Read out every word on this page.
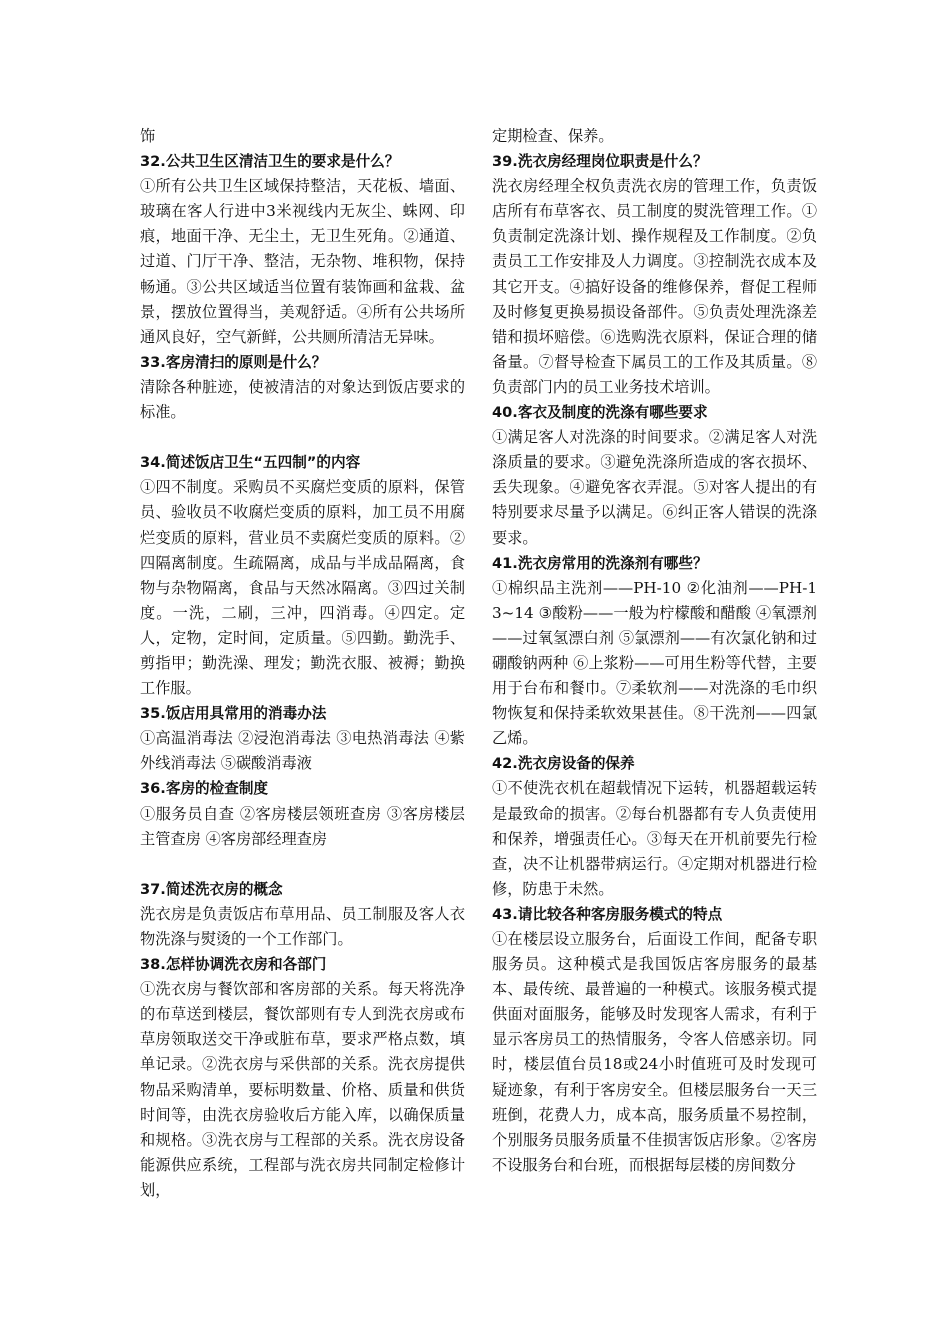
饰

32.公共卫生区清洁卫生的要求是什么？

①所有公共卫生区域保持整洁，天花板、墙面、玻璃在客人行进中3米视线内无灰尘、蛛网、印痕，地面干净、无尘土，无卫生死角。②通道、过道、门厅干净、整洁，无杂物、堆积物，保持畅通。③公共区域适当位置有装饰画和盆栽、盆景，摆放位置得当，美观舒适。④所有公共场所通风良好，空气新鲜，公共厕所清洁无异味。

33.客房清扫的原则是什么？

清除各种脏迹，使被清洁的对象达到饭店要求的标准。

34.简述饭店卫生“五四制”的内容

①四不制度。采购员不买腐烂变质的原料，保管员、验收员不收腐烂变质的原料，加工员不用腐烂变质的原料，营业员不卖腐烂变质的原料。②四隔离制度。生疏隔离，成品与半成品隔离，食物与杂物隔离，食品与天然冰隔离。③四过关制度。一洗，二刷，三冲，四消毒。④四定。定人，定物，定时间，定质量。⑤四勤。勤洗手、剪指甲；勤洗澡、理发；勤洗衣服、被褥；勤换工作服。

35.饭店用具常用的消毒办法

①高温消毒法 ②浸泡消毒法 ③电热消毒法 ④紫外线消毒法 ⑤碳酸消毒液

36.客房的检查制度

①服务员自查 ②客房楼层领班查房 ③客房楼层主管查房 ④客房部经理查房

37.简述洗衣房的概念

洗衣房是负责饭店布草用品、员工制服及客人衣物洗涤与熨烫的一个工作部门。

38.怎样协调洗衣房和各部门

①洗衣房与餐饮部和客房部的关系。每天将洗净的布草送到楼层，餐饮部则有专人到洗衣房或布草房领取送交干净或脏布草，要求严格点数，填单记录。②洗衣房与采供部的关系。洗衣房提供物品采购清单，要标明数量、价格、质量和供货时间等，由洗衣房验收后方能入库，以确保质量和规格。③洗衣房与工程部的关系。洗衣房设备能源供应系统，工程部与洗衣房共同制定检修计划，

定期检查、保养。

39.洗衣房经理岗位职责是什么？

洗衣房经理全权负责洗衣房的管理工作，负责饭店所有布草客衣、员工制度的熨洗管理工作。①负责制定洗涤计划、操作规程及工作制度。②负责员工工作安排及人力调度。③控制洗衣成本及其它开支。④搞好设备的维修保养，督促工程师及时修复更换易损设备部件。⑤负责处理洗涤差错和损坏赔偿。⑥选购洗衣原料，保证合理的储备量。⑦督导检查下属员工的工作及其质量。⑧负责部门内的员工业务技术培训。

40.客衣及制度的洗涤有哪些要求

①满足客人对洗涤的时间要求。②满足客人对洗涤质量的要求。③避免洗涤所造成的客衣损坏、丢失现象。④避免客衣弄混。⑤对客人提出的有特别要求尽量予以满足。⑥纠正客人错误的洗涤要求。

41.洗衣房常用的洗涤剂有哪些？

①棉织品主洗剂——PH-10 ②化油剂——PH-13~14 ③酸粉——一般为柠檬酸和醋酸 ④氧漂剂——过氧氢漂白剂 ⑤氯漂剂——有次氯化钠和过硼酸钠两种 ⑥上浆粉——可用生粉等代替，主要用于台布和餐巾。⑦柔软剂——对洗涤的毛巾织物恢复和保持柔软效果甚佳。⑧干洗剂——四氯乙烯。

42.洗衣房设备的保养

①不使洗衣机在超载情况下运转，机器超载运转是最致命的损害。②每台机器都有专人负责使用和保养，增强责任心。③每天在开机前要先行检查，决不让机器带病运行。④定期对机器进行检修，防患于未然。

43.请比较各种客房服务模式的特点

①在楼层设立服务台，后面设工作间，配备专职服务员。这种模式是我国饭店客房服务的最基本、最传统、最普遍的一种模式。该服务模式提供面对面服务，能够及时发现客人需求，有利于显示客房员工的热情服务，令客人倍感亲切。同时，楼层值台员18或24小时值班可及时发现可疑迹象，有利于客房安全。但楼层服务台一天三班倒，花费人力，成本高，服务质量不易控制，个别服务员服务质量不佳损害饭店形象。②客房不设服务台和台班，而根据每层楼的房间数分
